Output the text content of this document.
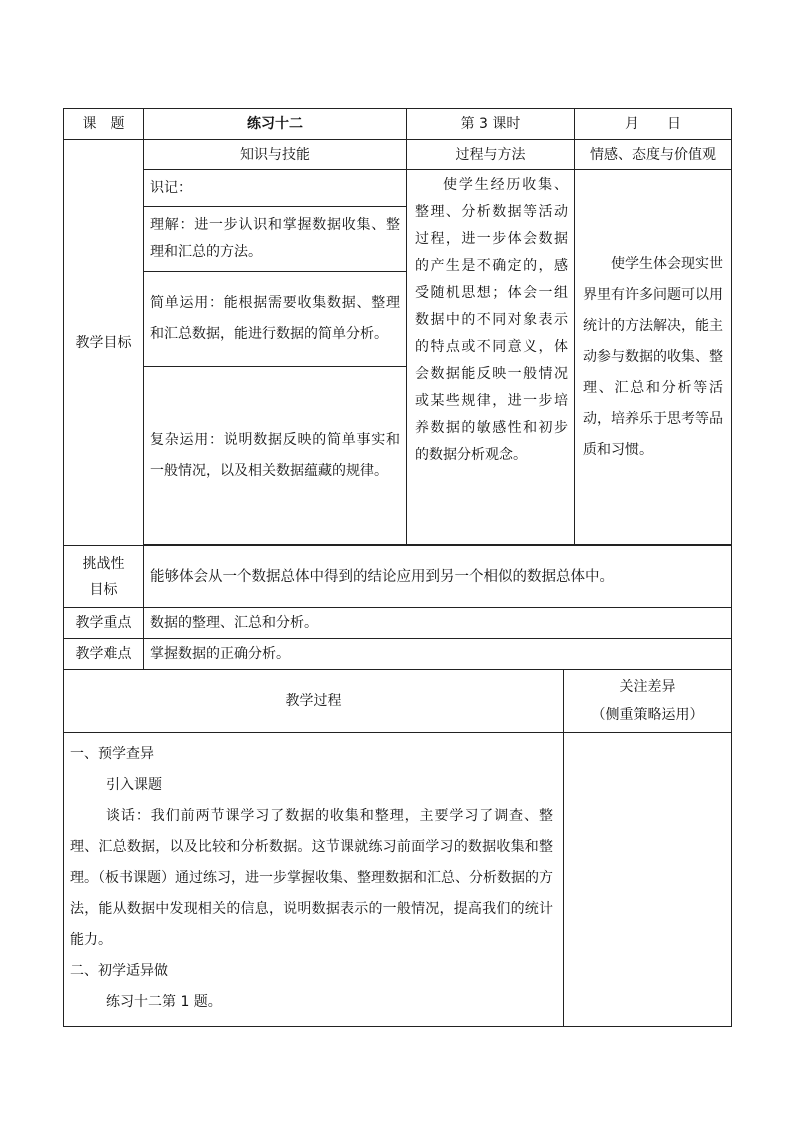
课　题	练习十二	第 3 课时	月　　日
教学目标	知识与技能	过程与方法	情感、态度与价值观
	识记：	使学生经历收集、整理、分析数据等活动过程，进一步体会数据的产生是不确定的，感受随机思想；体会一组数据中的不同对象表示的特点或不同意义，体会数据能反映一般情况或某些规律，进一步培养数据的敏感性和初步的数据分析观念。	使学生体会现实世界里有许多问题可以用统计的方法解决，能主动参与数据的收集、整理、汇总和分析等活动，培养乐于思考等品质和习惯。

	理解：进一步认识和掌握数据收集、整理和汇总的方法。		
	简单运用：能根据需要收集数据、整理和汇总数据，能进行数据的简单分析。		
	复杂运用：说明数据反映的简单事实和一般情况，以及相关数据蕴藏的规律。		

挑战性
目标	能够体会从一个数据总体中得到的结论应用到另一个相似的数据总体中。		
教学重点	数据的整理、汇总和分析。		
教学难点	掌握数据的正确分析。		
教学过程	关注差异
（侧重策略运用）

一、预学查异

引入课题

谈话：我们前两节课学习了数据的收集和整理，主要学习了调查、整理、汇总数据，以及比较和分析数据。这节课就练习前面学习的数据收集和整理。（板书课题）通过练习，进一步掌握收集、整理数据和汇总、分析数据的方法，能从数据中发现相关的信息，说明数据表示的一般情况，提高我们的统计能力。

二、初学适异做

练习十二第 1 题。	
